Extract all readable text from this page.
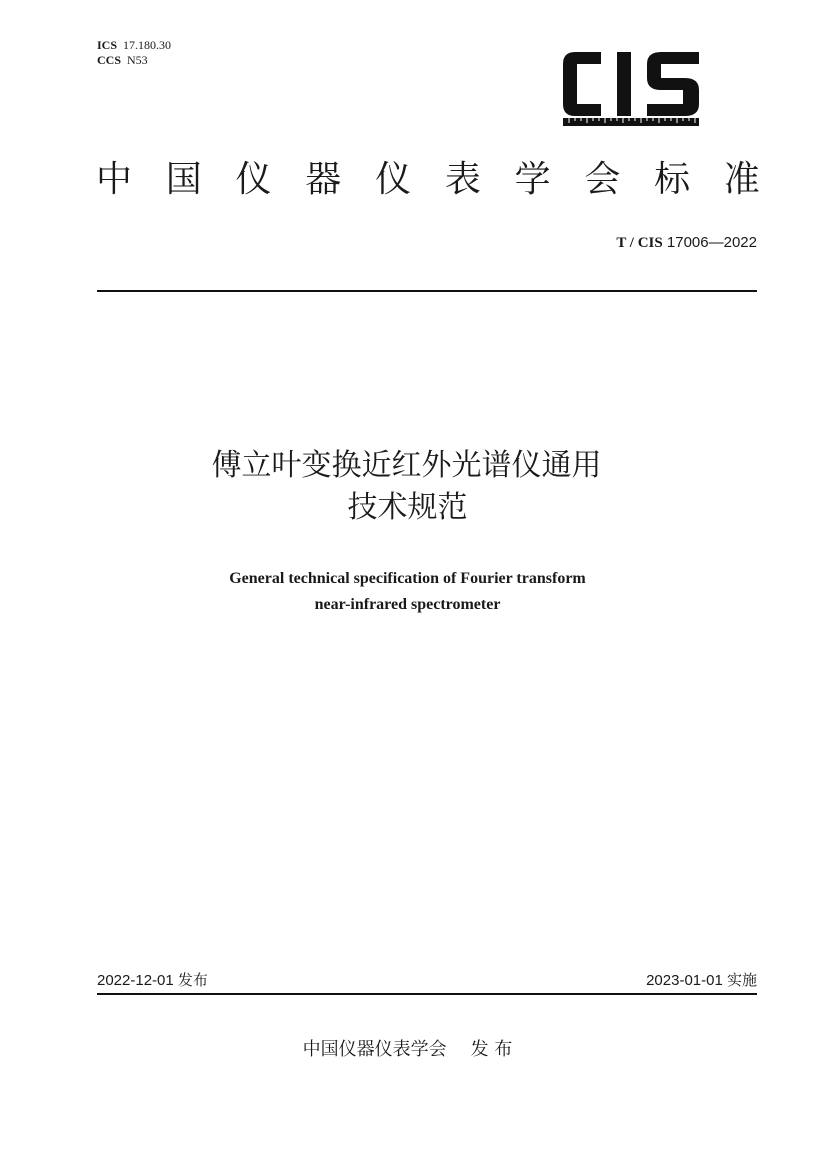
ICS 17.180.30
CCS N53
中 国 仪 器 仪 表 学 会 标 准
T / CIS 17006—2022
傅立叶变换近红外光谱仪通用
技术规范
General technical specification of Fourier transform
near-infrared spectrometer
2022-12-01 发布	2023-01-01 实施
中国仪器仪表学会 发 布
